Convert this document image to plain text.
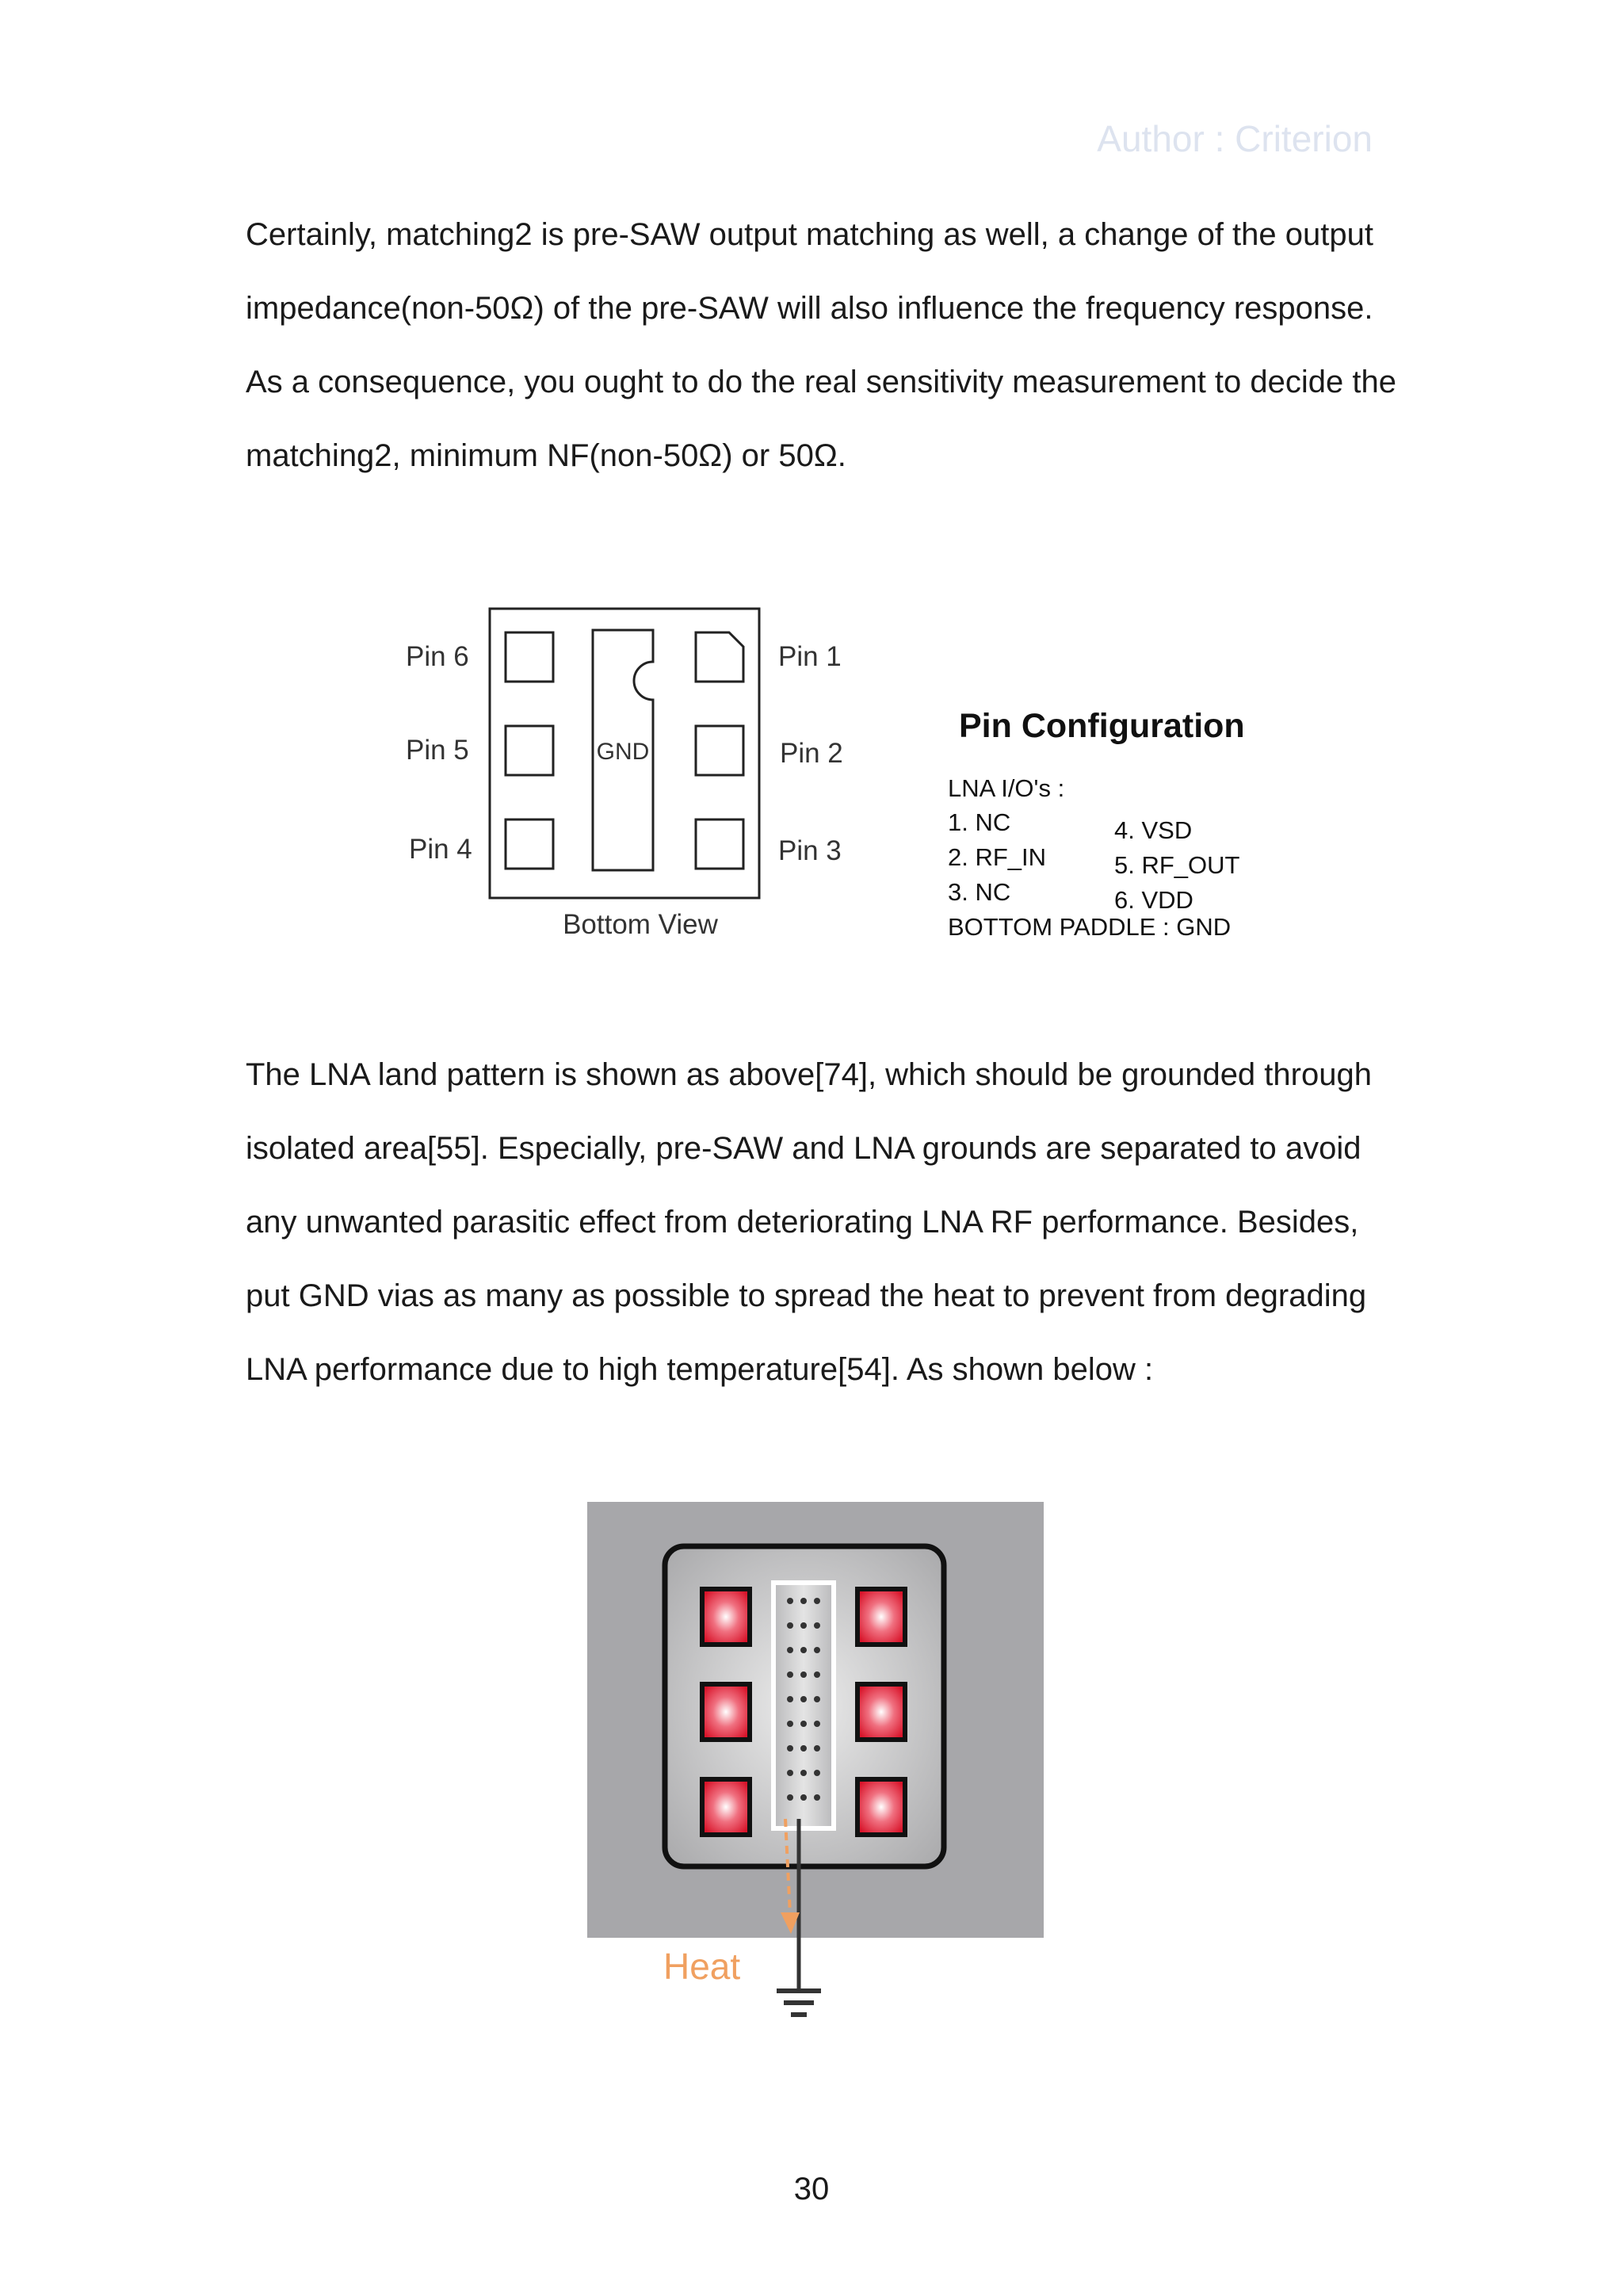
Author : Criterion
Certainly, matching2 is pre-SAW output matching as well, a change of the output
impedance(non-50Ω) of the pre-SAW will also influence the frequency response.
As a consequence, you ought to do the real sensitivity measurement to decide the
matching2, minimum NF(non-50Ω) or 50Ω.
GND
Pin 6
Pin 5
Pin 4
Pin 1
Pin 2
Pin 3
Bottom View
Pin Configuration
LNA I/O's :
1. NC
2. RF_IN
3. NC
4. VSD
5. RF_OUT
6. VDD
BOTTOM PADDLE : GND
The LNA land pattern is shown as above[74], which should be grounded through
isolated area[55]. Especially, pre-SAW and LNA grounds are separated to avoid
any unwanted parasitic effect from deteriorating LNA RF performance. Besides,
put GND vias as many as possible to spread the heat to prevent from degrading
LNA performance due to high temperature[54]. As shown below :
Heat
30
